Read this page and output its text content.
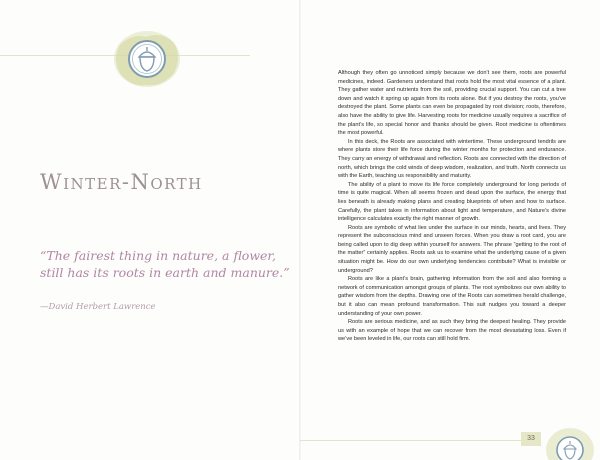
Winter-North
“The fairest thing in nature, a flower, still has its roots in earth and manure.”
—David Herbert Lawrence

Although they often go unnoticed simply because we don’t see them, roots are powerful medicines, indeed. Gardeners understand that roots hold the most vital essence of a plant. They gather water and nutrients from the soil, providing crucial support. You can cut a tree down and watch it spring up again from its roots alone. But if you destroy the roots, you’ve destroyed the plant. Some plants can even be propagated by root division; roots, therefore, also have the ability to give life. Harvesting roots for medicine usually requires a sacrifice of the plant’s life, so special honor and thanks should be given. Root medicine is oftentimes the most powerful.

In this deck, the Roots are associated with wintertime. These underground tendrils are where plants store their life force during the winter months for protection and endurance. They carry an energy of withdrawal and reflection. Roots are connected with the direction of north, which brings the cold winds of deep wisdom, realization, and truth. North connects us with the Earth, teaching us responsibility and maturity.

The ability of a plant to move its life force completely underground for long periods of time is quite magical. When all seems frozen and dead upon the surface, the energy that lies beneath is already making plans and creating blueprints of when and how to surface. Carefully, the plant takes in information about light and temperature, and Nature’s divine intelligence calculates exactly the right manner of growth.

Roots are symbolic of what lies under the surface in our minds, hearts, and lives. They represent the subconscious mind and unseen forces. When you draw a root card, you are being called upon to dig deep within yourself for answers. The phrase “getting to the root of the matter” certainly applies. Roots ask us to examine what the underlying cause of a given situation might be. How do our own underlying tendencies contribute? What is invisible or underground?

Roots are like a plant’s brain, gathering information from the soil and also forming a network of communication amongst groups of plants. The root symbolizes our own ability to gather wisdom from the depths. Drawing one of the Roots can sometimes herald challenge, but it also can mean profound transformation. This suit nudges you toward a deeper understanding of your own power.

Roots are serious medicine, and as such they bring the deepest healing. They provide us with an example of hope that we can recover from the most devastating loss. Even if we’ve been leveled in life, our roots can still hold firm.

33
